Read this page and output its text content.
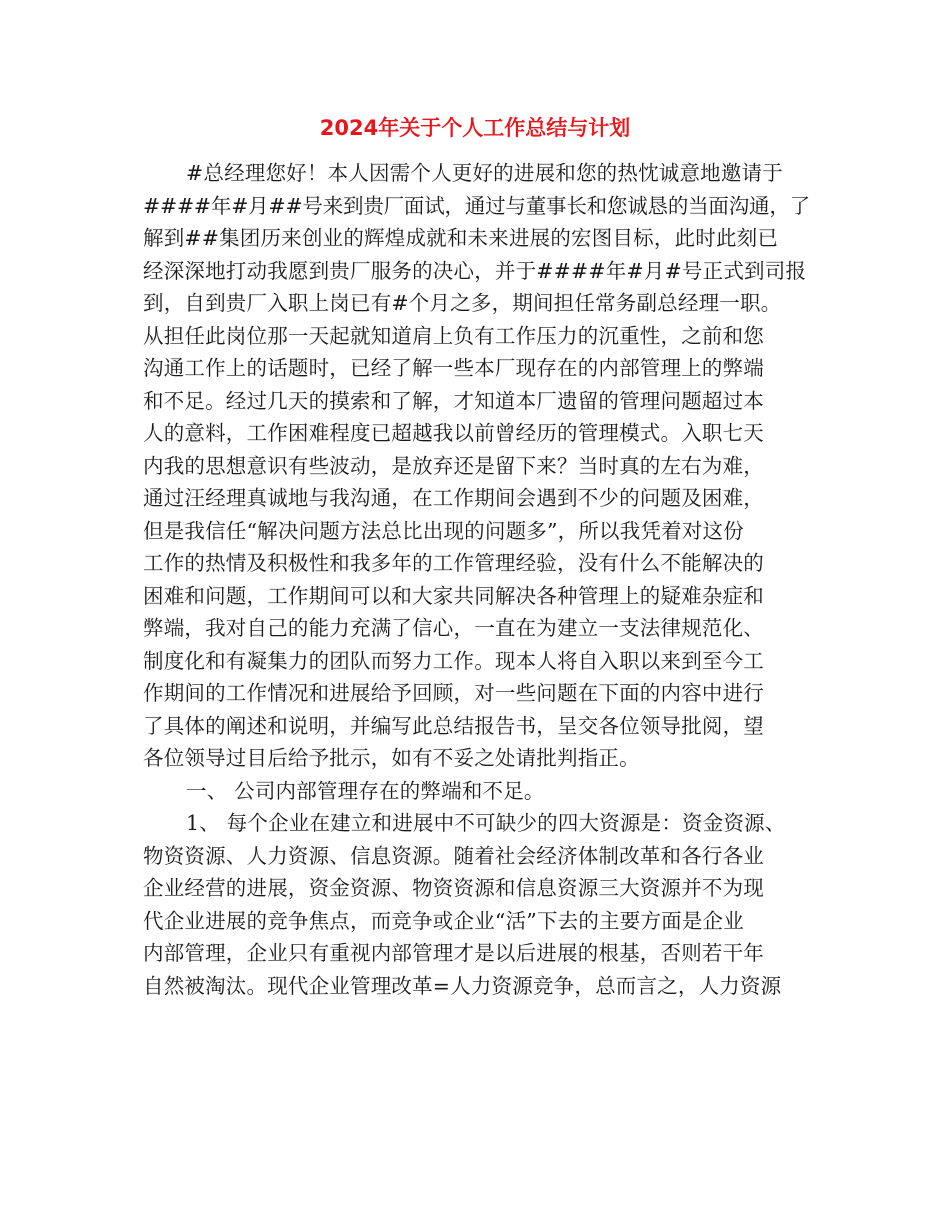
2024年关于个人工作总结与计划
#总经理您好！本人因需个人更好的进展和您的热忱诚意地邀请于
####年#月##号来到贵厂面试，通过与董事长和您诚恳的当面沟通，了
解到##集团历来创业的辉煌成就和未来进展的宏图目标，此时此刻已
经深深地打动我愿到贵厂服务的决心，并于####年#月#号正式到司报
到，自到贵厂入职上岗已有#个月之多，期间担任常务副总经理一职。
从担任此岗位那一天起就知道肩上负有工作压力的沉重性，之前和您
沟通工作上的话题时，已经了解一些本厂现存在的内部管理上的弊端
和不足。经过几天的摸索和了解，才知道本厂遗留的管理问题超过本
人的意料，工作困难程度已超越我以前曾经历的管理模式。入职七天
内我的思想意识有些波动，是放弃还是留下来？当时真的左右为难，
通过汪经理真诚地与我沟通，在工作期间会遇到不少的问题及困难，
但是我信任“解决问题方法总比出现的问题多”，所以我凭着对这份
工作的热情及积极性和我多年的工作管理经验，没有什么不能解决的
困难和问题，工作期间可以和大家共同解决各种管理上的疑难杂症和
弊端，我对自己的能力充满了信心，一直在为建立一支法律规范化、
制度化和有凝集力的团队而努力工作。现本人将自入职以来到至今工
作期间的工作情况和进展给予回顾，对一些问题在下面的内容中进行
了具体的阐述和说明，并编写此总结报告书，呈交各位领导批阅，望
各位领导过目后给予批示，如有不妥之处请批判指正。
一、 公司内部管理存在的弊端和不足。
1、 每个企业在建立和进展中不可缺少的四大资源是：资金资源、
物资资源、人力资源、信息资源。随着社会经济体制改革和各行各业
企业经营的进展，资金资源、物资资源和信息资源三大资源并不为现
代企业进展的竞争焦点，而竞争或企业“活”下去的主要方面是企业
内部管理，企业只有重视内部管理才是以后进展的根基，否则若干年
自然被淘汰。现代企业管理改革=人力资源竞争，总而言之，人力资源
